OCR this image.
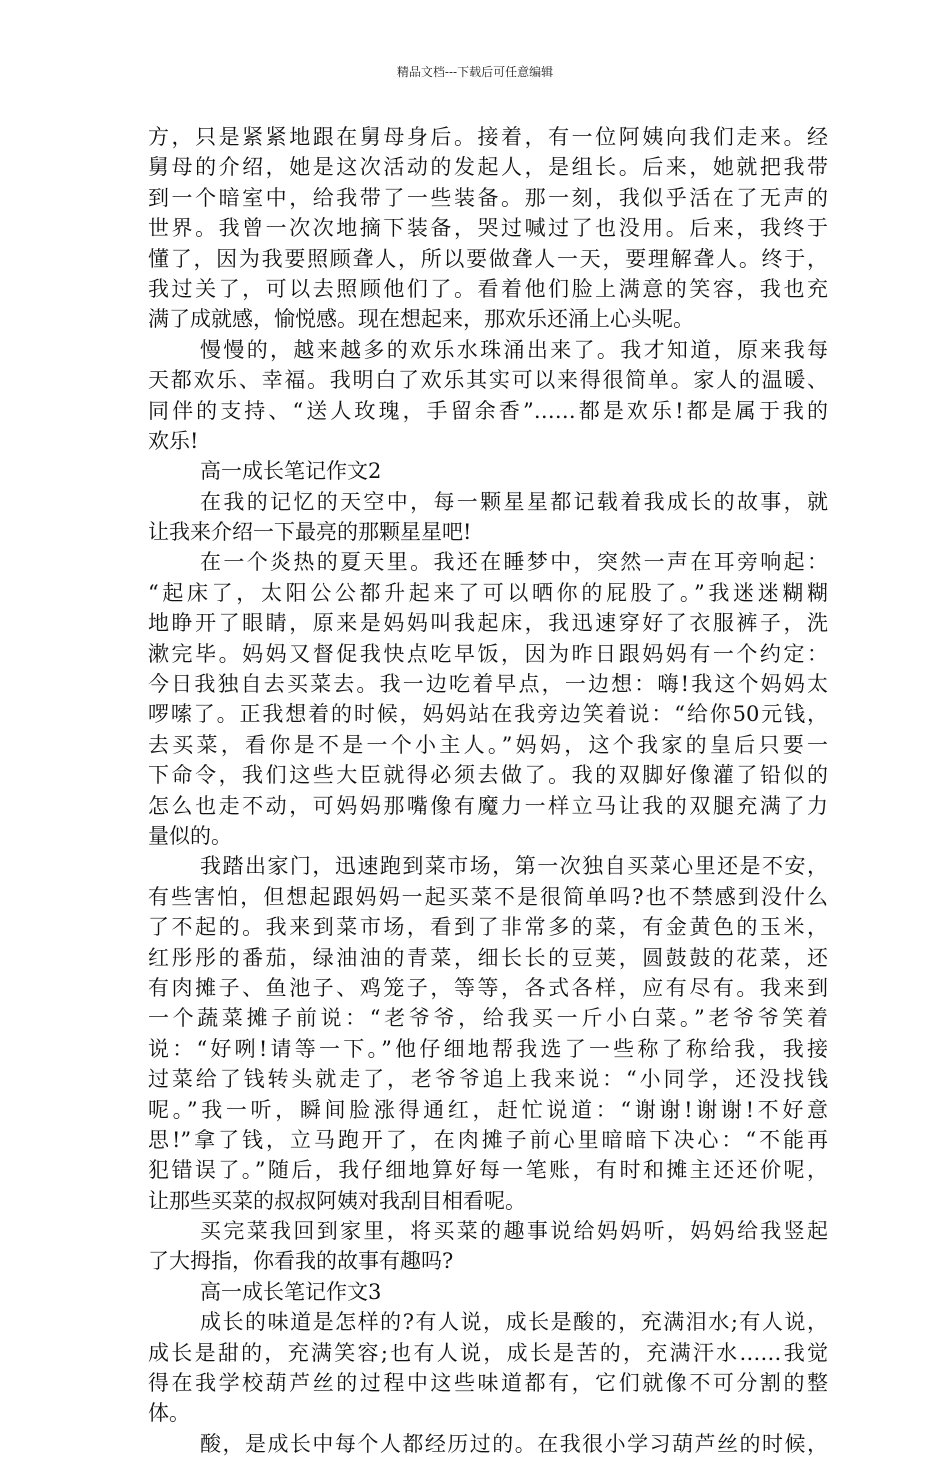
精品文档---下载后可任意编辑
方，只是紧紧地跟在舅母身后。接着，有一位阿姨向我们走来。经
舅母的介绍，她是这次活动的发起人，是组长。后来，她就把我带
到一个暗室中，给我带了一些装备。那一刻，我似乎活在了无声的
世界。我曾一次次地摘下装备，哭过喊过了也没用。后来，我终于
懂了，因为我要照顾聋人，所以要做聋人一天，要理解聋人。终于，
我过关了，可以去照顾他们了。看着他们脸上满意的笑容，我也充
满了成就感，愉悦感。现在想起来，那欢乐还涌上心头呢。
慢慢的，越来越多的欢乐水珠涌出来了。我才知道，原来我每
天都欢乐、幸福。我明白了欢乐其实可以来得很简单。家人的温暖、
同伴的支持、“送人玫瑰，手留余香”……都是欢乐!都是属于我的
欢乐!
高一成长笔记作文2
在我的记忆的天空中，每一颗星星都记载着我成长的故事，就
让我来介绍一下最亮的那颗星星吧!
在一个炎热的夏天里。我还在睡梦中，突然一声在耳旁响起：
“起床了，太阳公公都升起来了可以晒你的屁股了。”我迷迷糊糊
地睁开了眼睛，原来是妈妈叫我起床，我迅速穿好了衣服裤子，洗
漱完毕。妈妈又督促我快点吃早饭，因为昨日跟妈妈有一个约定：
今日我独自去买菜去。我一边吃着早点，一边想：嗨!我这个妈妈太
啰嗦了。正我想着的时候，妈妈站在我旁边笑着说：“给你50元钱，
去买菜，看你是不是一个小主人。”妈妈，这个我家的皇后只要一
下命令，我们这些大臣就得必须去做了。我的双脚好像灌了铅似的
怎么也走不动，可妈妈那嘴像有魔力一样立马让我的双腿充满了力
量似的。
我踏出家门，迅速跑到菜市场，第一次独自买菜心里还是不安，
有些害怕，但想起跟妈妈一起买菜不是很简单吗?也不禁感到没什么
了不起的。我来到菜市场，看到了非常多的菜，有金黄色的玉米，
红彤彤的番茄，绿油油的青菜，细长长的豆荚，圆鼓鼓的花菜，还
有肉摊子、鱼池子、鸡笼子，等等，各式各样，应有尽有。我来到
一个蔬菜摊子前说：“老爷爷，给我买一斤小白菜。”老爷爷笑着
说：“好咧!请等一下。”他仔细地帮我选了一些称了称给我，我接
过菜给了钱转头就走了，老爷爷追上我来说：“小同学，还没找钱
呢。”我一听，瞬间脸涨得通红，赶忙说道：“谢谢!谢谢!不好意
思!”拿了钱，立马跑开了，在肉摊子前心里暗暗下决心：“不能再
犯错误了。”随后，我仔细地算好每一笔账，有时和摊主还还价呢，
让那些买菜的叔叔阿姨对我刮目相看呢。
买完菜我回到家里，将买菜的趣事说给妈妈听，妈妈给我竖起
了大拇指，你看我的故事有趣吗?
高一成长笔记作文3
成长的味道是怎样的?有人说，成长是酸的，充满泪水;有人说，
成长是甜的，充满笑容;也有人说，成长是苦的，充满汗水……我觉
得在我学校葫芦丝的过程中这些味道都有，它们就像不可分割的整
体。
酸，是成长中每个人都经历过的。在我很小学习葫芦丝的时候，
